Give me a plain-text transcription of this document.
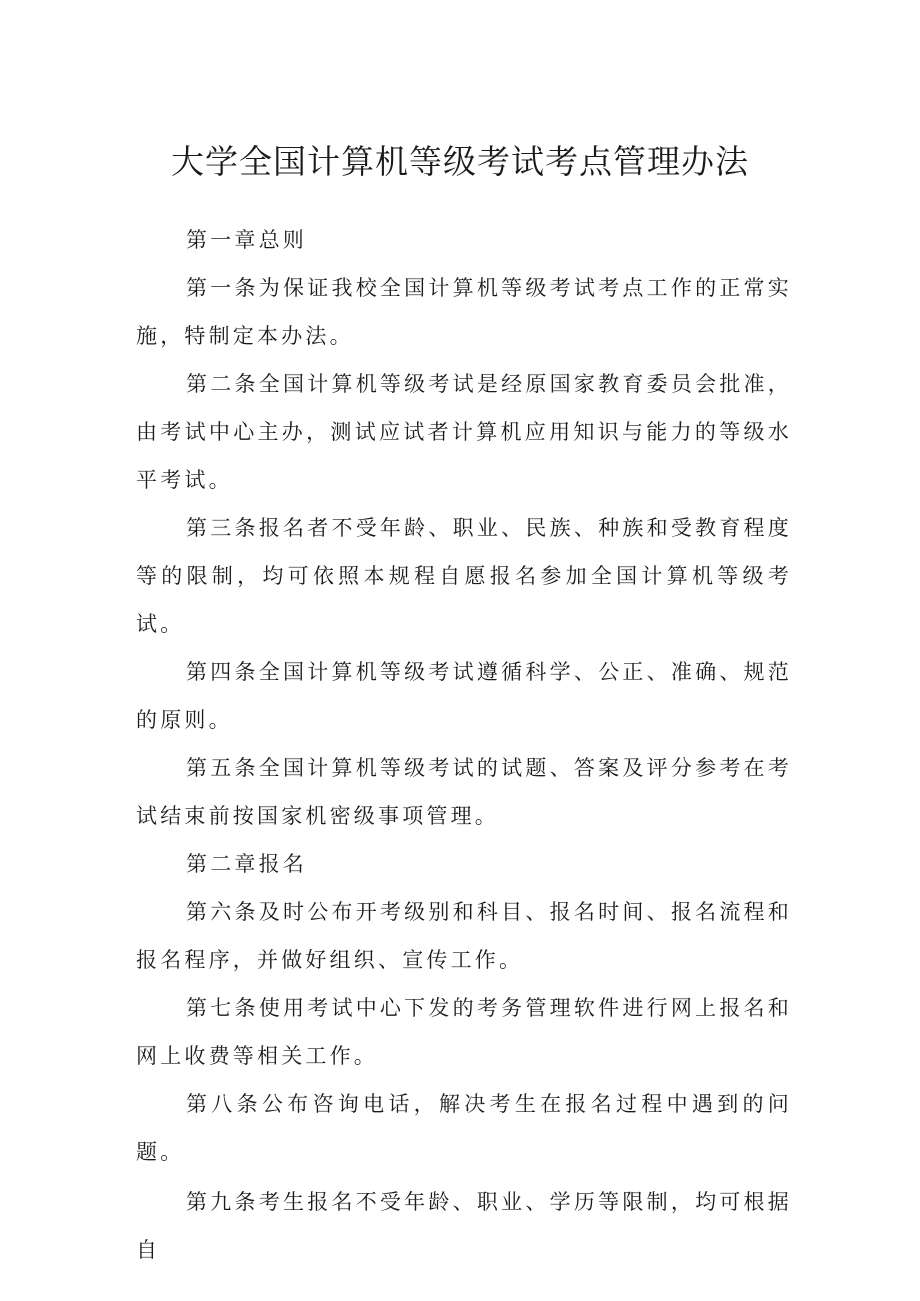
大学全国计算机等级考试考点管理办法

第一章总则

第一条为保证我校全国计算机等级考试考点工作的正常实施，特制定本办法。

第二条全国计算机等级考试是经原国家教育委员会批准，由考试中心主办，测试应试者计算机应用知识与能力的等级水平考试。

第三条报名者不受年龄、职业、民族、种族和受教育程度等的限制，均可依照本规程自愿报名参加全国计算机等级考试。

第四条全国计算机等级考试遵循科学、公正、准确、规范的原则。

第五条全国计算机等级考试的试题、答案及评分参考在考试结束前按国家机密级事项管理。

第二章报名

第六条及时公布开考级别和科目、报名时间、报名流程和报名程序，并做好组织、宣传工作。

第七条使用考试中心下发的考务管理软件进行网上报名和网上收费等相关工作。

第八条公布咨询电话，解决考生在报名过程中遇到的问题。

第九条考生报名不受年龄、职业、学历等限制，均可根据自
